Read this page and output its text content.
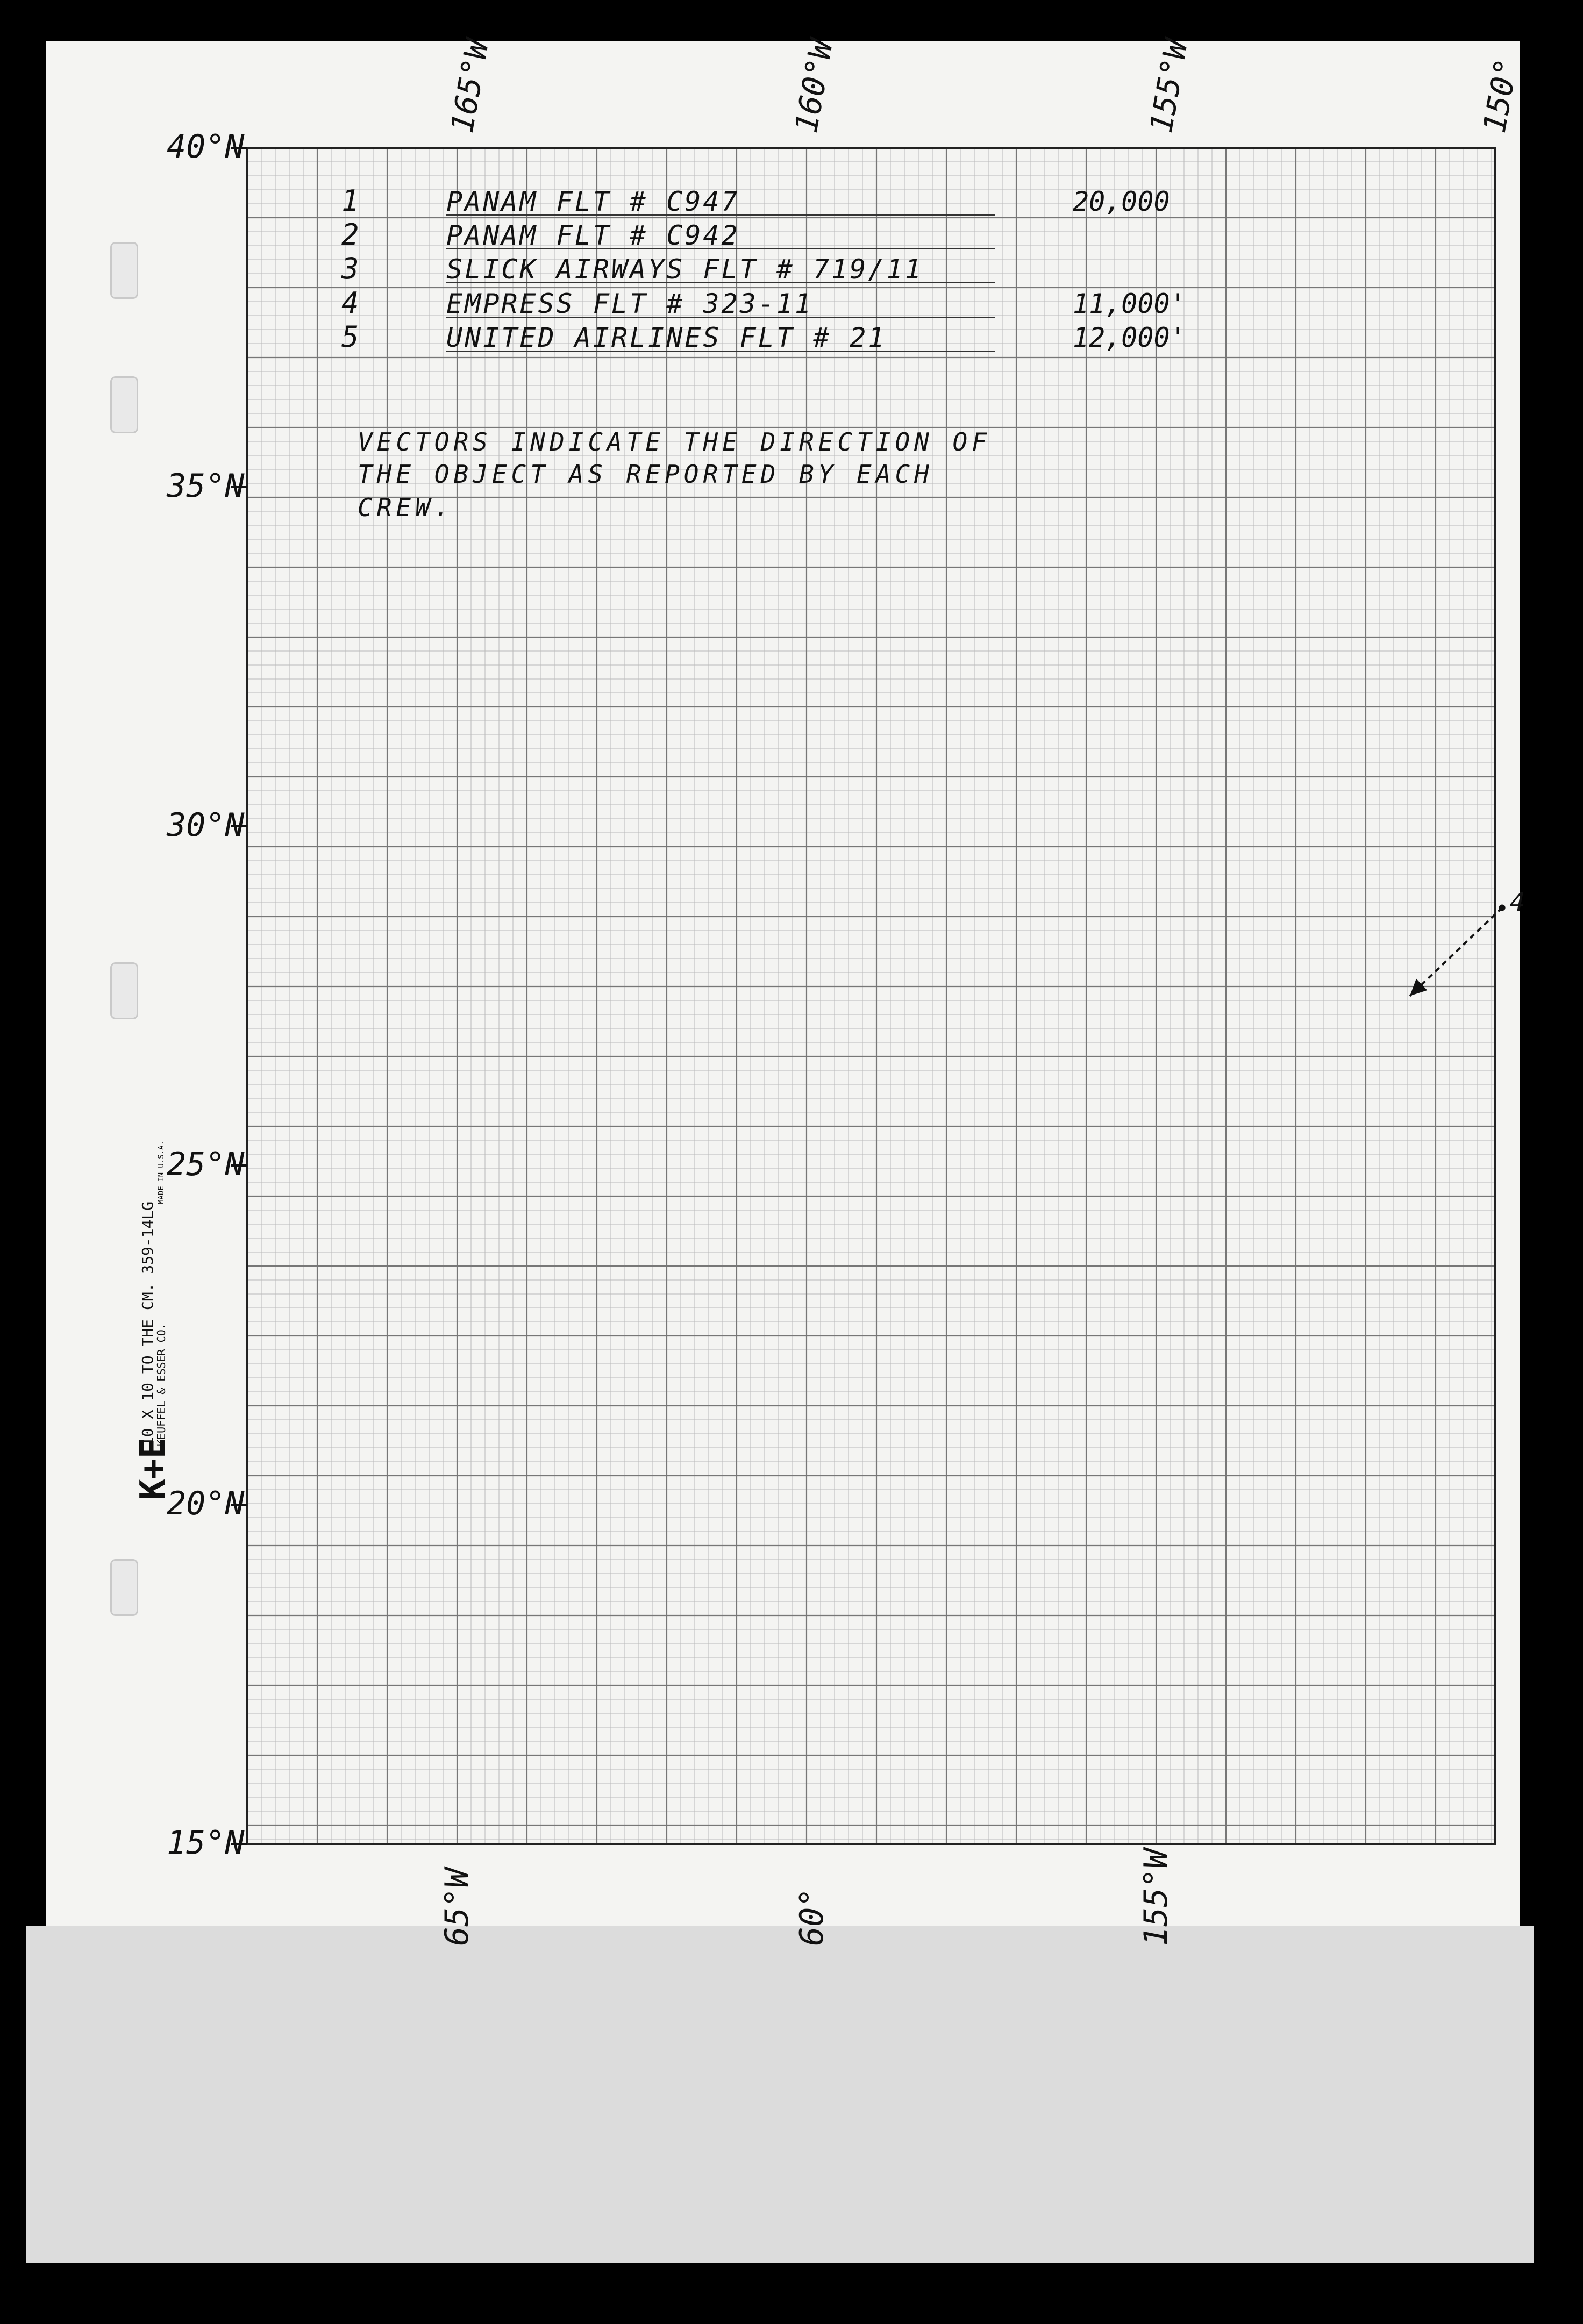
40°N
35°N
30°N
25°N
20°N
15°N
165°W	160°W	155°W	150°
65°W	60°	155°W
1	PANAM FLT # C947	20,000
2	PANAM FLT # C942
3	SLICK AIRWAYS FLT # 719/11
4	EMPRESS FLT # 323-11	11,000'
5	UNITED AIRLINES FLT # 21	12,000'
VECTORS INDICATE THE DIRECTION OF
THE OBJECT AS REPORTED BY EACH
CREW.
4
K+E
10 X 10 TO THE CM. 359-14LG
KEUFFEL & ESSER CO.
MADE IN U.S.A.
